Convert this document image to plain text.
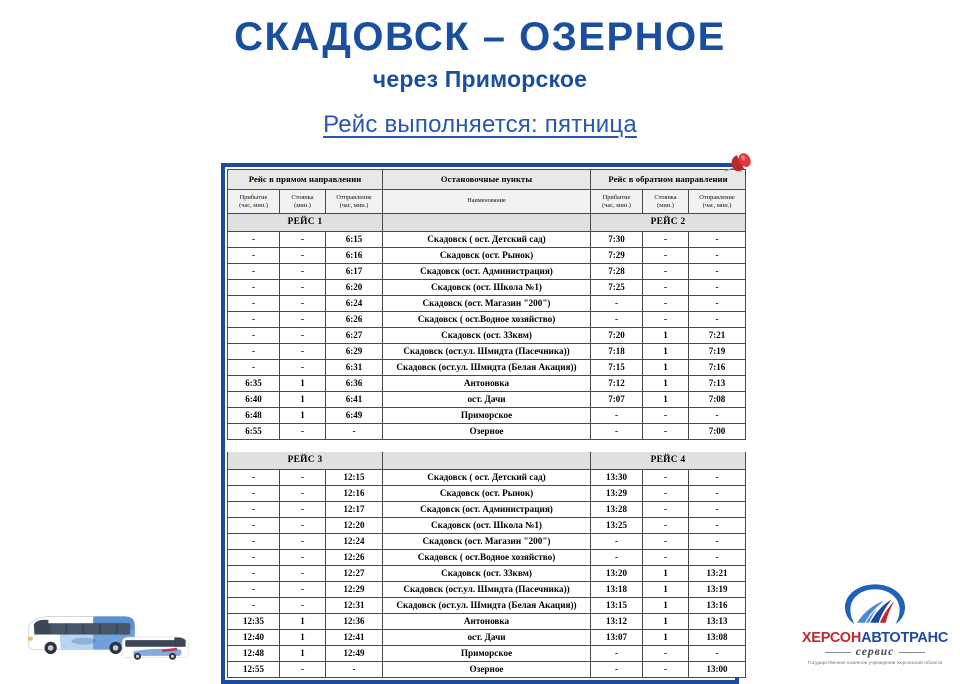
СКАДОВСК – ОЗЕРНОЕ
через Приморское
Рейс выполняется: пятница
Рейс в прямом направлении			Остановочные пункты	Рейс в обратном направлении		
Прибытие
(час, мин.)	Стоянка
(мин.)	Отправление
(час, мин.)	Наименование	Прибытие
(час, мин.)	Стоянка
(мин.)	Отправление
(час, мин.)
РЕЙС 1				РЕЙС 2		
-	-	6:15	Скадовск ( ост. Детский сад)	7:30	-	-
-	-	6:16	Скадовск (ост. Рынок)	7:29	-	-
-	-	6:17	Скадовск (ост. Администрация)	7:28	-	-
-	-	6:20	Скадовск (ост. Школа №1)	7:25	-	-
-	-	6:24	Скадовск (ост. Магазин "200")	-	-	-
-	-	6:26	Скадовск ( ост.Водное хозяйство)	-	-	-
-	-	6:27	Скадовск (ост. 33квм)	7:20	1	7:21
-	-	6:29	Скадовск (ост.ул. Шмидта (Пасечника))	7:18	1	7:19
-	-	6:31	Скадовск (ост.ул. Шмидта (Белая Акация))	7:15	1	7:16
6:35	1	6:36	Антоновка	7:12	1	7:13
6:40	1	6:41	ост. Дачи	7:07	1	7:08
6:48	1	6:49	Приморское	-	-	-
6:55	-	-	Озерное	-	-	7:00

РЕЙС 3				РЕЙС 4		
-	-	12:15	Скадовск ( ост. Детский сад)	13:30	-	-
-	-	12:16	Скадовск (ост. Рынок)	13:29	-	-
-	-	12:17	Скадовск (ост. Администрация)	13:28	-	-
-	-	12:20	Скадовск (ост. Школа №1)	13:25	-	-
-	-	12:24	Скадовск (ост. Магазин "200")	-	-	-
-	-	12:26	Скадовск ( ост.Водное хозяйство)	-	-	-
-	-	12:27	Скадовск (ост. 33квм)	13:20	1	13:21
-	-	12:29	Скадовск (ост.ул. Шмидта (Пасечника))	13:18	1	13:19
-	-	12:31	Скадовск (ост.ул. Шмидта (Белая Акация))	13:15	1	13:16
12:35	1	12:36	Антоновка	13:12	1	13:13
12:40	1	12:41	ост. Дачи	13:07	1	13:08
12:48	1	12:49	Приморское	-	-	-
12:55	-	-	Озерное	-	-	13:00
ХЕРСОНАВТОТРАНС
сервис
Государственное казенное учреждение Херсонской области
